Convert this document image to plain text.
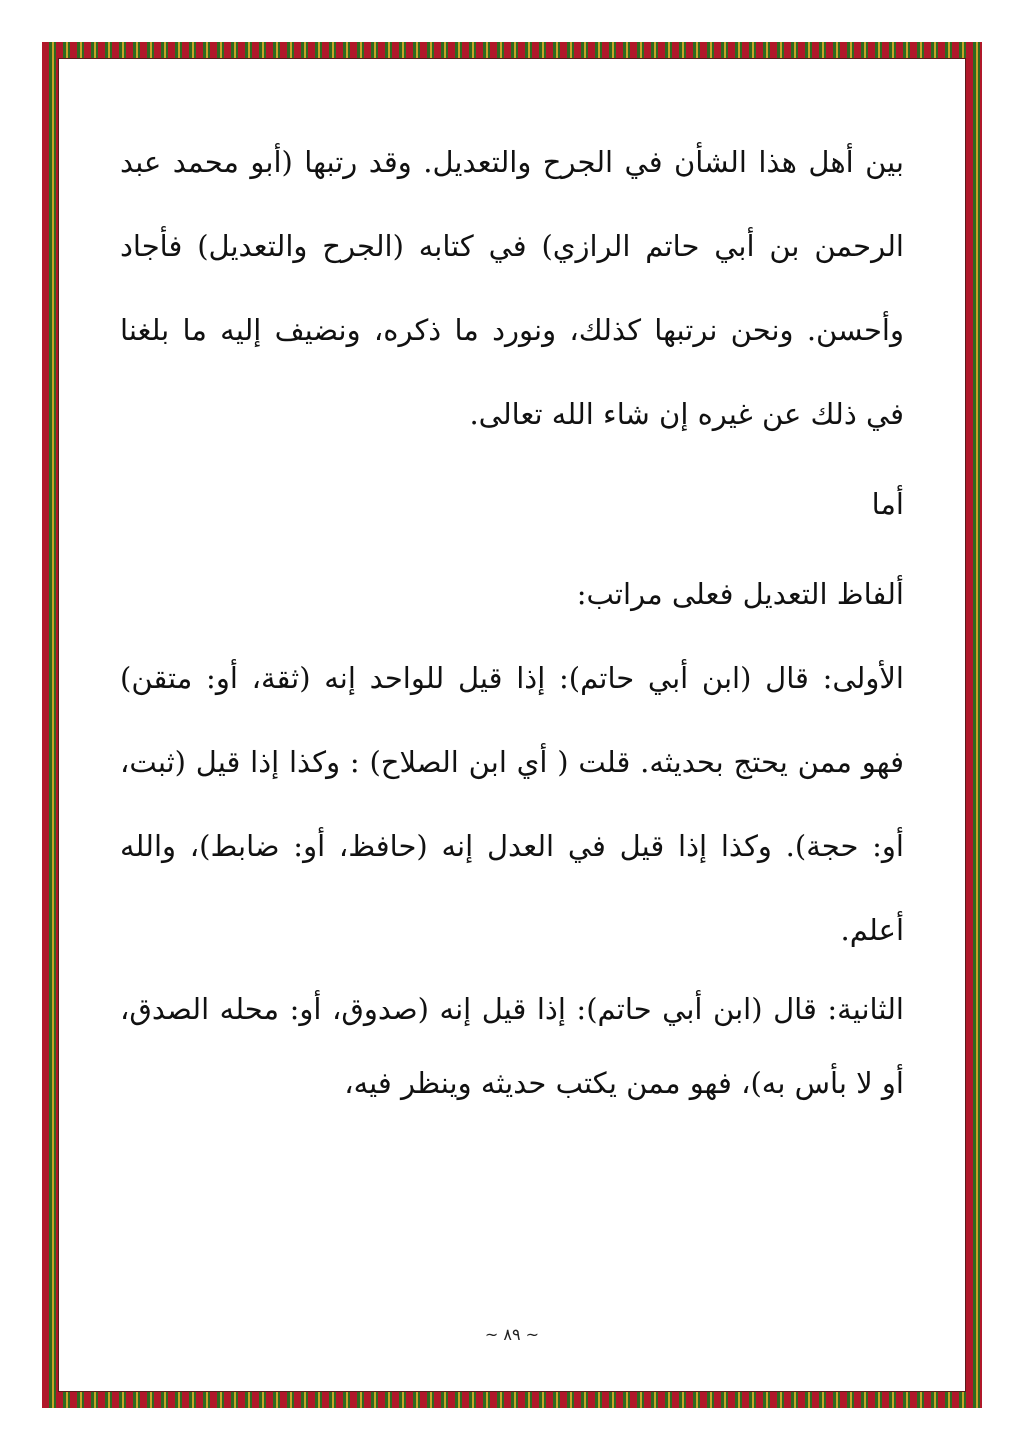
بين أهل هذا الشأن في الجرح والتعديل. وقد رتبها (أبو محمد عبد الرحمن بن أبي حاتم الرازي) في كتابه (الجرح والتعديل) فأجاد وأحسن. ونحن نرتبها كذلك، ونورد ما ذكره، ونضيف إليه ما بلغنا في ذلك عن غيره إن شاء الله تعالى.

أما

ألفاظ التعديل فعلى مراتب:

الأولى: قال (ابن أبي حاتم): إذا قيل للواحد إنه (ثقة، أو: متقن) فهو ممن يحتج بحديثه. قلت ( أي ابن الصلاح) : وكذا إذا قيل (ثبت، أو: حجة). وكذا إذا قيل في العدل إنه (حافظ، أو: ضابط)، والله أعلم.

الثانية: قال (ابن أبي حاتم): إذا قيل إنه (صدوق، أو: محله الصدق، أو لا بأس به)، فهو ممن يكتب حديثه وينظر فيه،

~ ٨٩ ~
